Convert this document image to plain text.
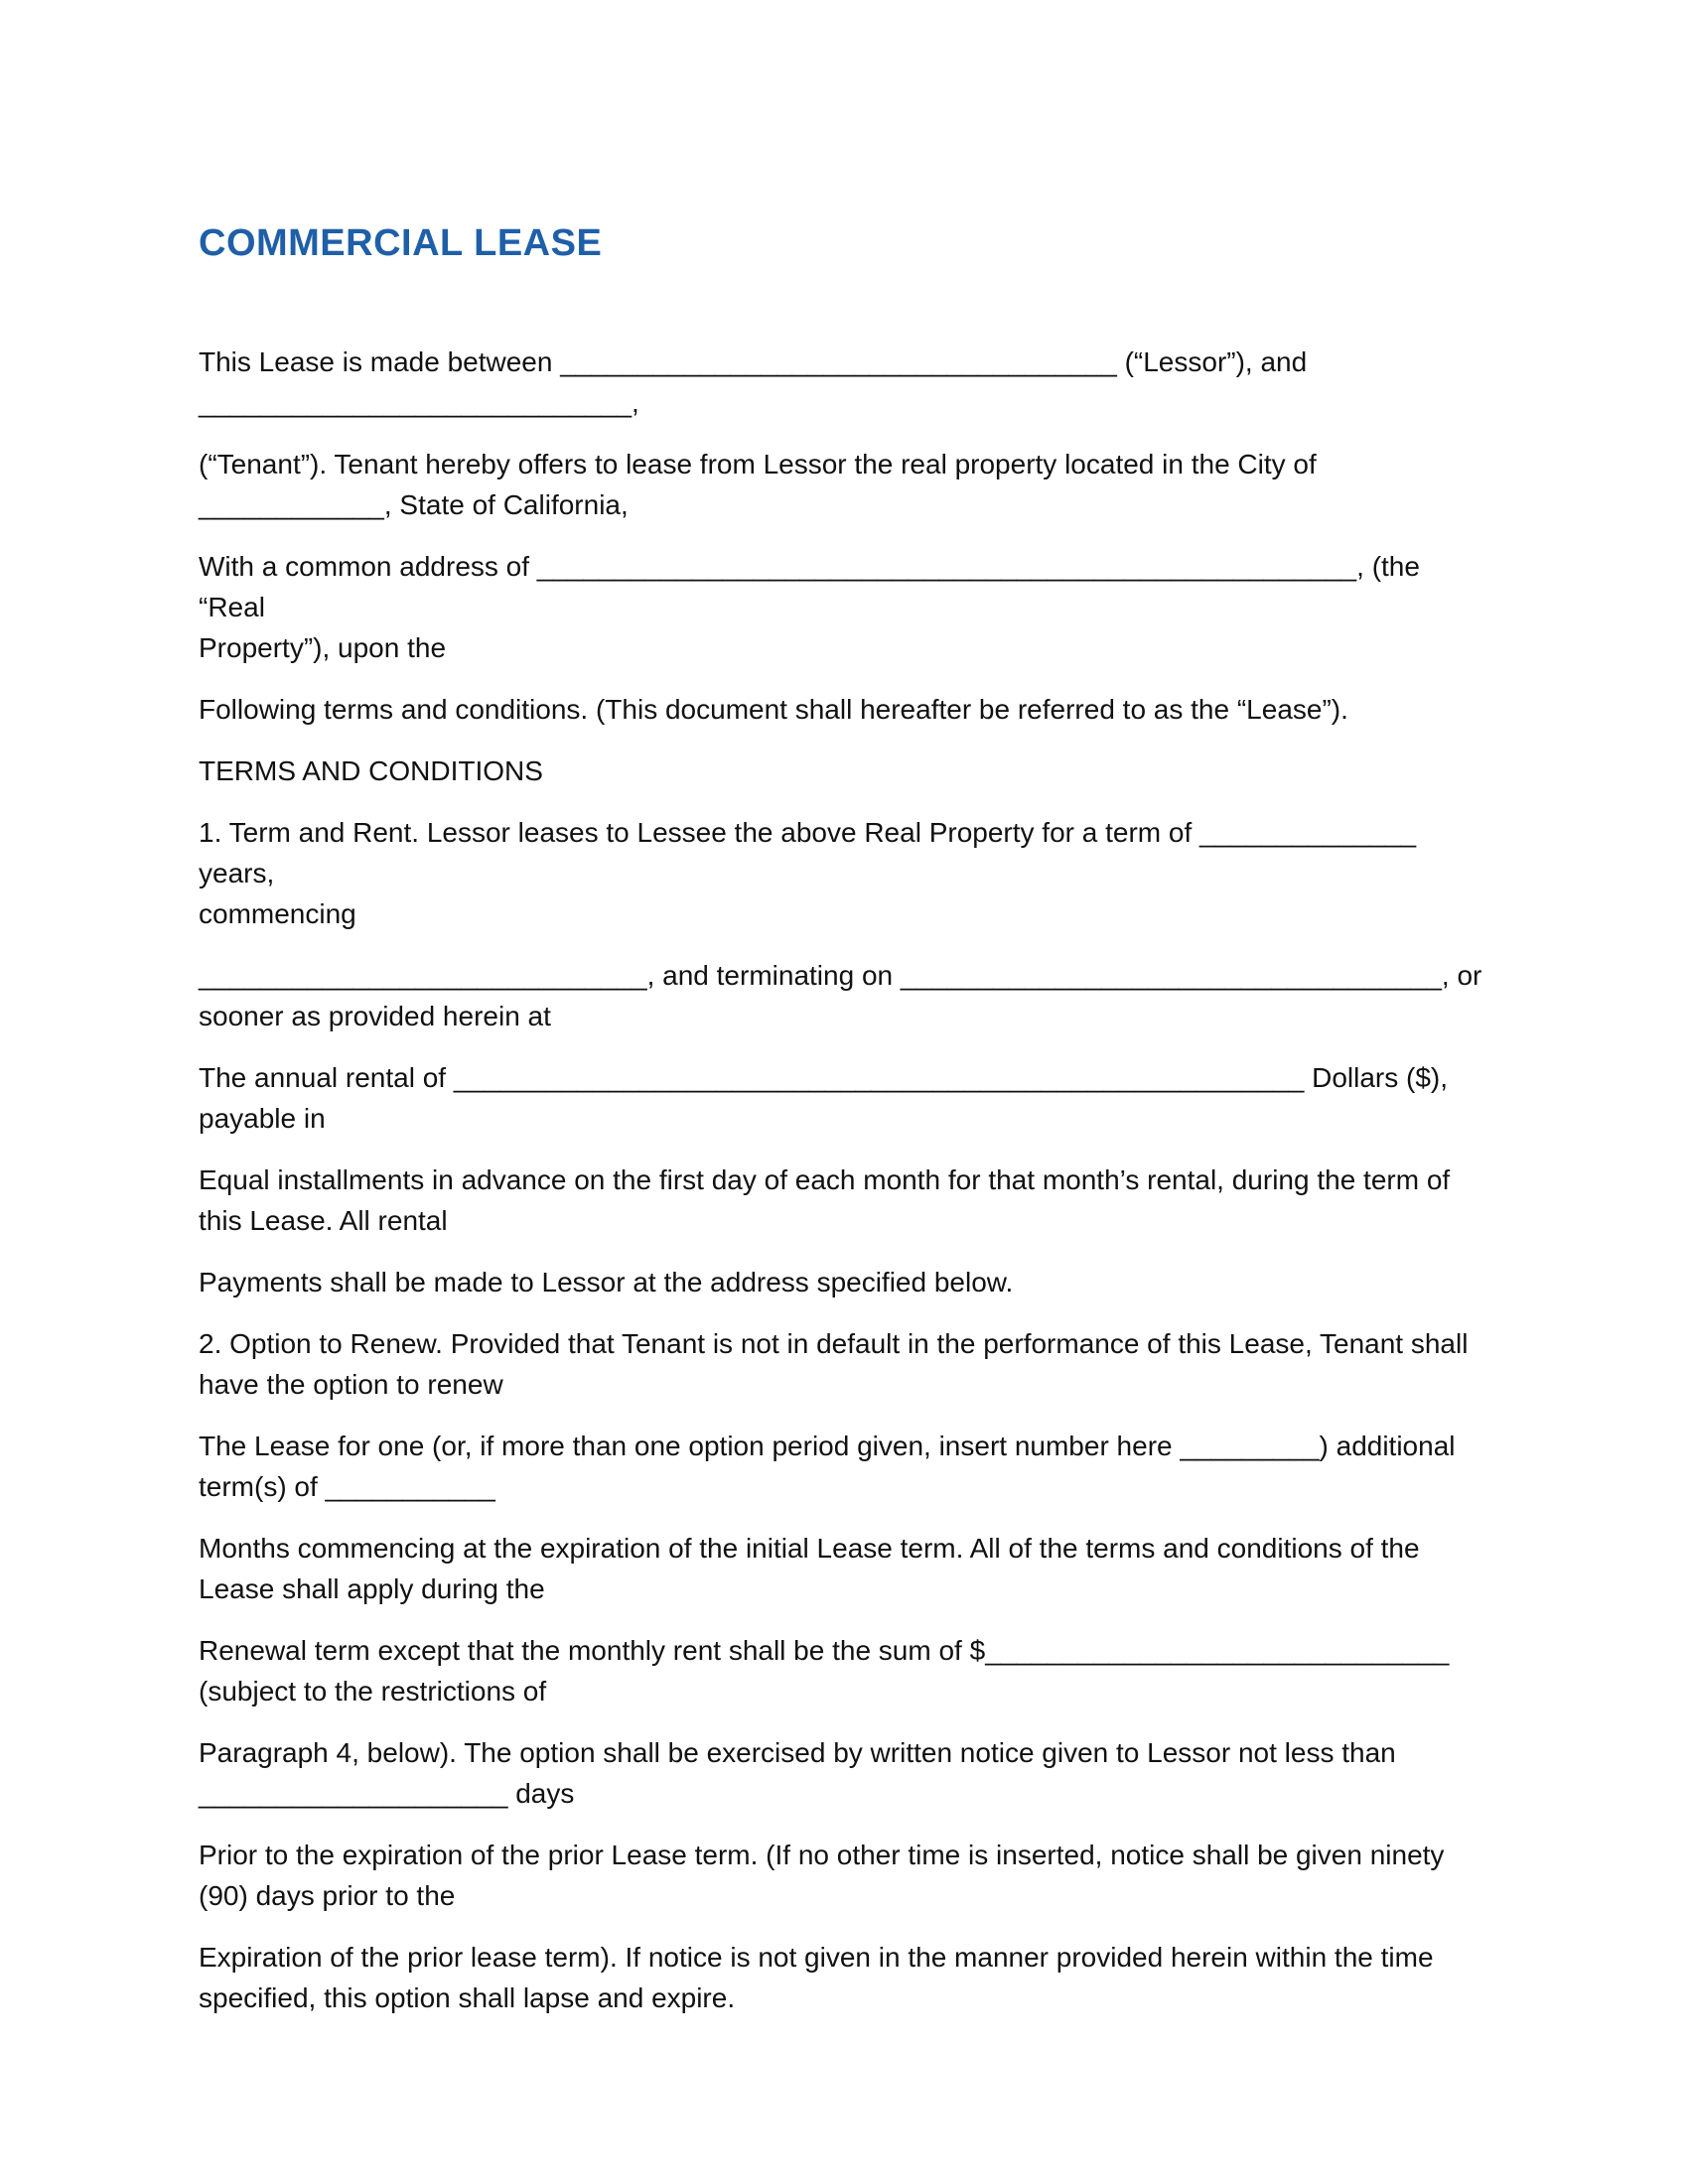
COMMERCIAL LEASE

This Lease is made between ____________________________________ (“Lessor”), and
____________________________,

(“Tenant”). Tenant hereby offers to lease from Lessor the real property located in the City of
____________, State of California,

With a common address of _____________________________________________________, (the “Real
Property”), upon the

Following terms and conditions. (This document shall hereafter be referred to as the “Lease”).

TERMS AND CONDITIONS

1. Term and Rent. Lessor leases to Lessee the above Real Property for a term of ______________ years,
commencing

_____________________________, and terminating on ___________________________________, or
sooner as provided herein at

The annual rental of _______________________________________________________ Dollars ($),
payable in

Equal installments in advance on the first day of each month for that month’s rental, during the term of
this Lease. All rental

Payments shall be made to Lessor at the address specified below.

2. Option to Renew. Provided that Tenant is not in default in the performance of this Lease, Tenant shall
have the option to renew

The Lease for one (or, if more than one option period given, insert number here _________) additional
term(s) of ___________

Months commencing at the expiration of the initial Lease term. All of the terms and conditions of the
Lease shall apply during the

Renewal term except that the monthly rent shall be the sum of $______________________________
(subject to the restrictions of

Paragraph 4, below). The option shall be exercised by written notice given to Lessor not less than
____________________ days

Prior to the expiration of the prior Lease term. (If no other time is inserted, notice shall be given ninety
(90) days prior to the

Expiration of the prior lease term). If notice is not given in the manner provided herein within the time
specified, this option shall lapse and expire.
